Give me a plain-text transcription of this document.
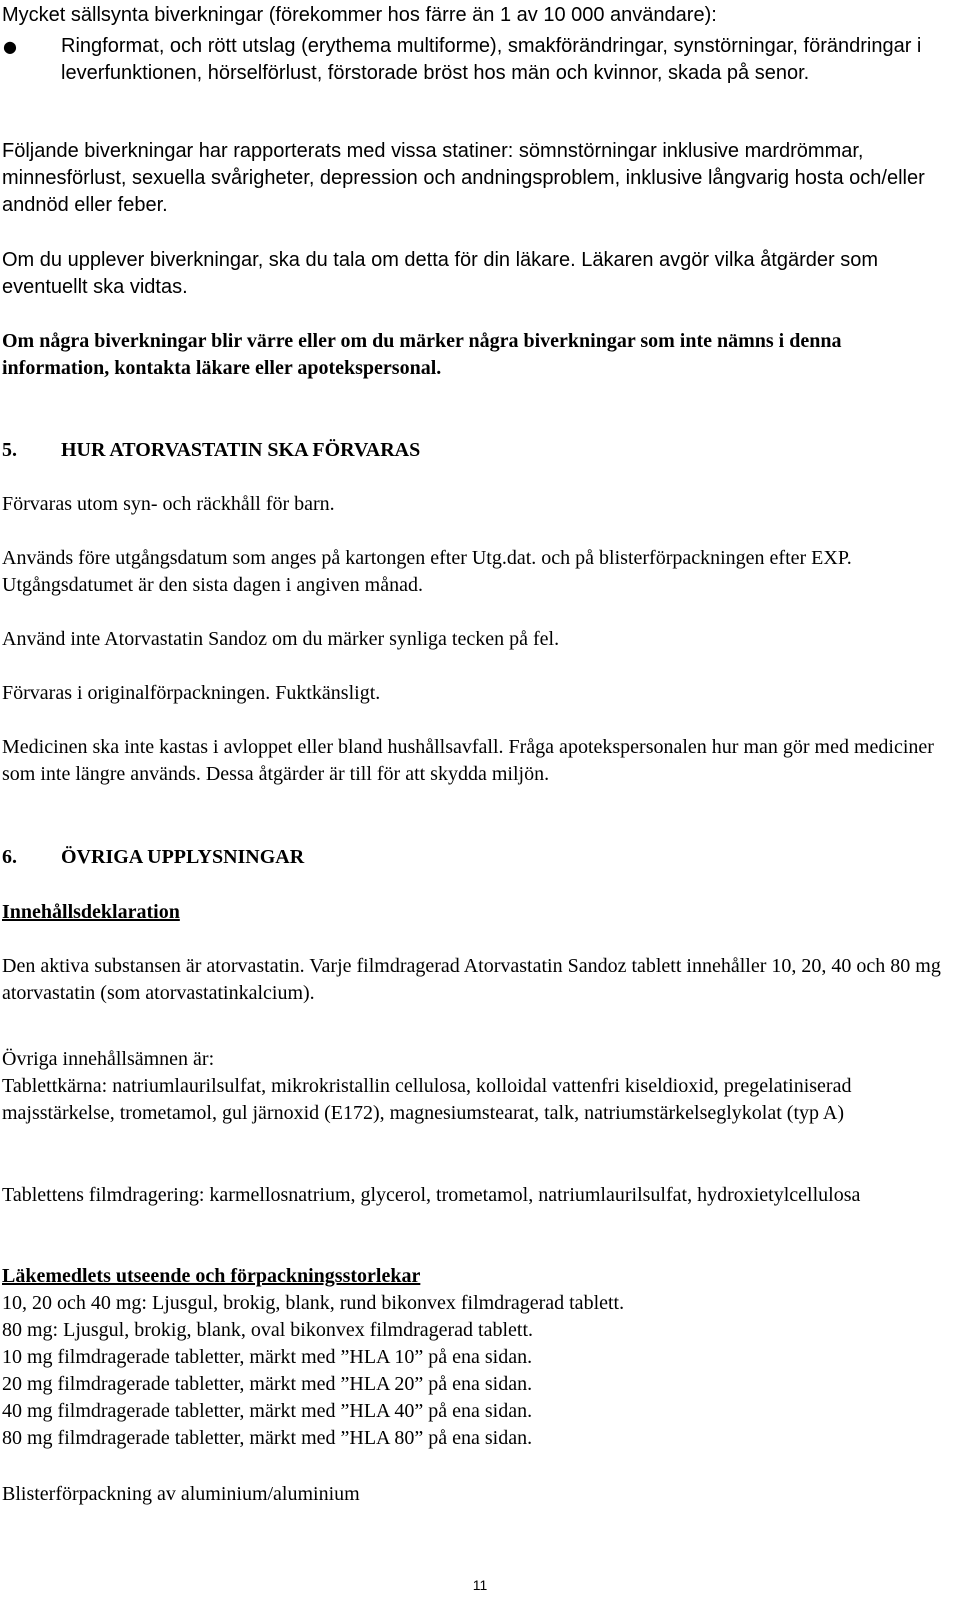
Mycket sällsynta biverkningar (förekommer hos färre än 1 av 10 000 användare):

● Ringformat, och rött utslag (erythema multiforme), smakförändringar, synstörningar, förändringar i leverfunktionen, hörselförlust, förstorade bröst hos män och kvinnor, skada på senor.

Följande biverkningar har rapporterats med vissa statiner: sömnstörningar inklusive mardrömmar, minnesförlust, sexuella svårigheter, depression och andningsproblem, inklusive långvarig hosta och/eller andnöd eller feber.

Om du upplever biverkningar, ska du tala om detta för din läkare. Läkaren avgör vilka åtgärder som eventuellt ska vidtas.

Om några biverkningar blir värre eller om du märker några biverkningar som inte nämns i denna information, kontakta läkare eller apotekspersonal.

5. HUR ATORVASTATIN SKA FÖRVARAS

Förvaras utom syn- och räckhåll för barn.

Används före utgångsdatum som anges på kartongen efter Utg.dat. och på blisterförpackningen efter EXP. Utgångsdatumet är den sista dagen i angiven månad.

Använd inte Atorvastatin Sandoz om du märker synliga tecken på fel.

Förvaras i originalförpackningen. Fuktkänsligt.

Medicinen ska inte kastas i avloppet eller bland hushållsavfall. Fråga apotekspersonalen hur man gör med mediciner som inte längre används. Dessa åtgärder är till för att skydda miljön.

6. ÖVRIGA UPPLYSNINGAR

Innehållsdeklaration

Den aktiva substansen är atorvastatin. Varje filmdragerad Atorvastatin Sandoz tablett innehåller 10, 20, 40 och 80 mg atorvastatin (som atorvastatinkalcium).

Övriga innehållsämnen är:

Tablettkärna: natriumlaurilsulfat, mikrokristallin cellulosa, kolloidal vattenfri kiseldioxid, pregelatiniserad majsstärkelse, trometamol, gul järnoxid (E172), magnesiumstearat, talk, natriumstärkelseglykolat (typ A)

Tablettens filmdragering: karmellosnatrium, glycerol, trometamol, natriumlaurilsulfat, hydroxietylcellulosa

Läkemedlets utseende och förpackningsstorlekar

10, 20 och 40 mg: Ljusgul, brokig, blank, rund bikonvex filmdragerad tablett.
80 mg: Ljusgul, brokig, blank, oval bikonvex filmdragerad tablett.
10 mg filmdragerade tabletter, märkt med ”HLA 10” på ena sidan.
20 mg filmdragerade tabletter, märkt med ”HLA 20” på ena sidan.
40 mg filmdragerade tabletter, märkt med ”HLA 40” på ena sidan.
80 mg filmdragerade tabletter, märkt med ”HLA 80” på ena sidan.

Blisterförpackning av aluminium/aluminium

11
